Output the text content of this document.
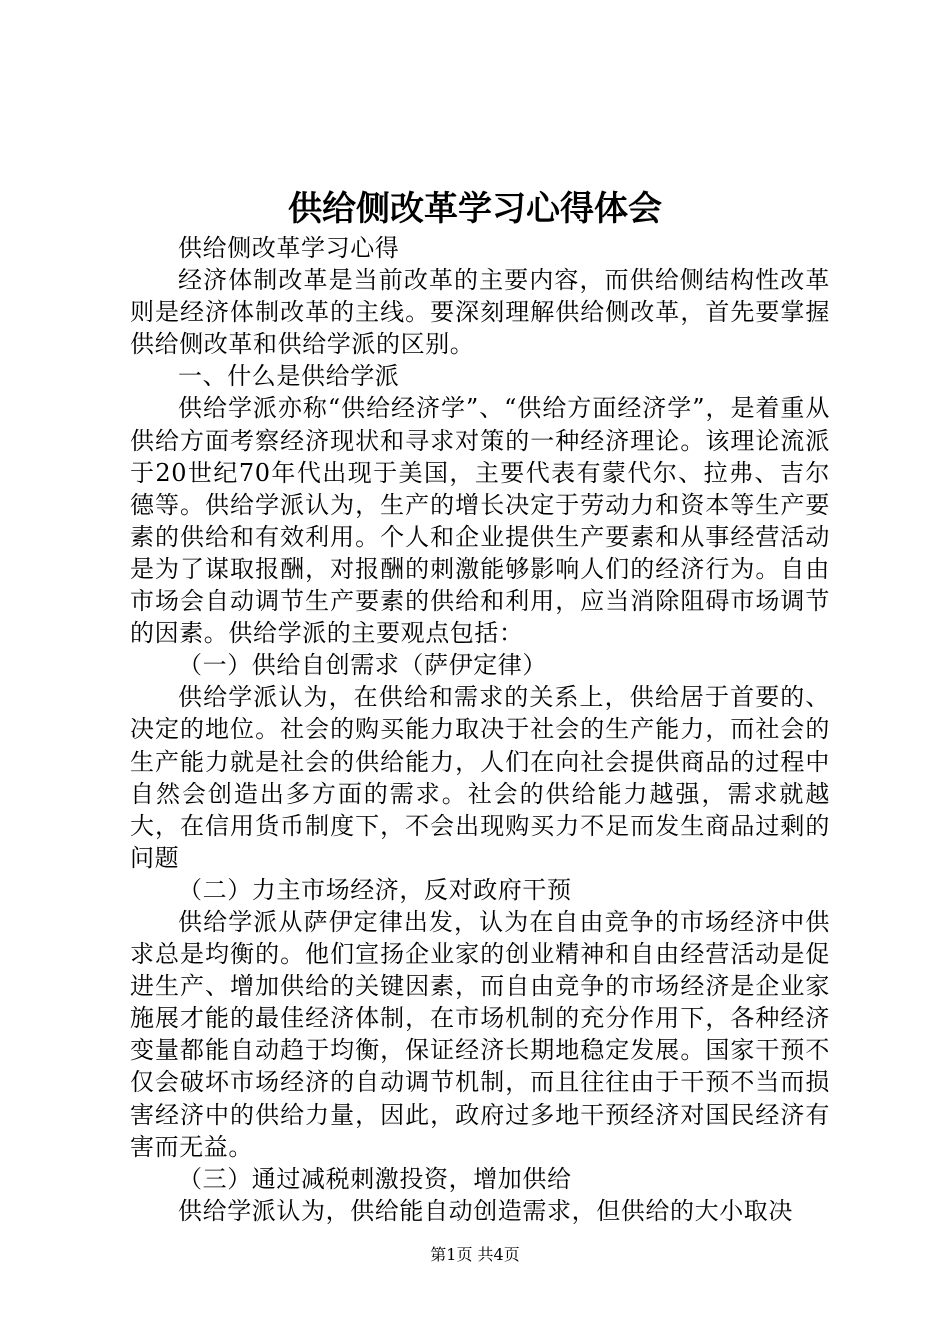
供给侧改革学习心得体会

供给侧改革学习心得

经济体制改革是当前改革的主要内容，而供给侧结构性改革则是经济体制改革的主线。要深刻理解供给侧改革，首先要掌握供给侧改革和供给学派的区别。

一、什么是供给学派

供给学派亦称“供给经济学”、“供给方面经济学”，是着重从供给方面考察经济现状和寻求对策的一种经济理论。该理论流派于20世纪70年代出现于美国，主要代表有蒙代尔、拉弗、吉尔德等。供给学派认为，生产的增长决定于劳动力和资本等生产要素的供给和有效利用。个人和企业提供生产要素和从事经营活动是为了谋取报酬，对报酬的刺激能够影响人们的经济行为。自由市场会自动调节生产要素的供给和利用，应当消除阻碍市场调节的因素。供给学派的主要观点包括：

（一）供给自创需求（萨伊定律）

供给学派认为，在供给和需求的关系上，供给居于首要的、决定的地位。社会的购买能力取决于社会的生产能力，而社会的生产能力就是社会的供给能力，人们在向社会提供商品的过程中自然会创造出多方面的需求。社会的供给能力越强，需求就越大，在信用货币制度下，不会出现购买力不足而发生商品过剩的问题

（二）力主市场经济，反对政府干预

供给学派从萨伊定律出发，认为在自由竞争的市场经济中供求总是均衡的。他们宣扬企业家的创业精神和自由经营活动是促进生产、增加供给的关键因素，而自由竞争的市场经济是企业家施展才能的最佳经济体制，在市场机制的充分作用下，各种经济变量都能自动趋于均衡，保证经济长期地稳定发展。国家干预不仅会破坏市场经济的自动调节机制，而且往往由于干预不当而损害经济中的供给力量，因此，政府过多地干预经济对国民经济有害而无益。

（三）通过减税刺激投资，增加供给

供给学派认为，供给能自动创造需求，但供给的大小取决

第1页 共4页
